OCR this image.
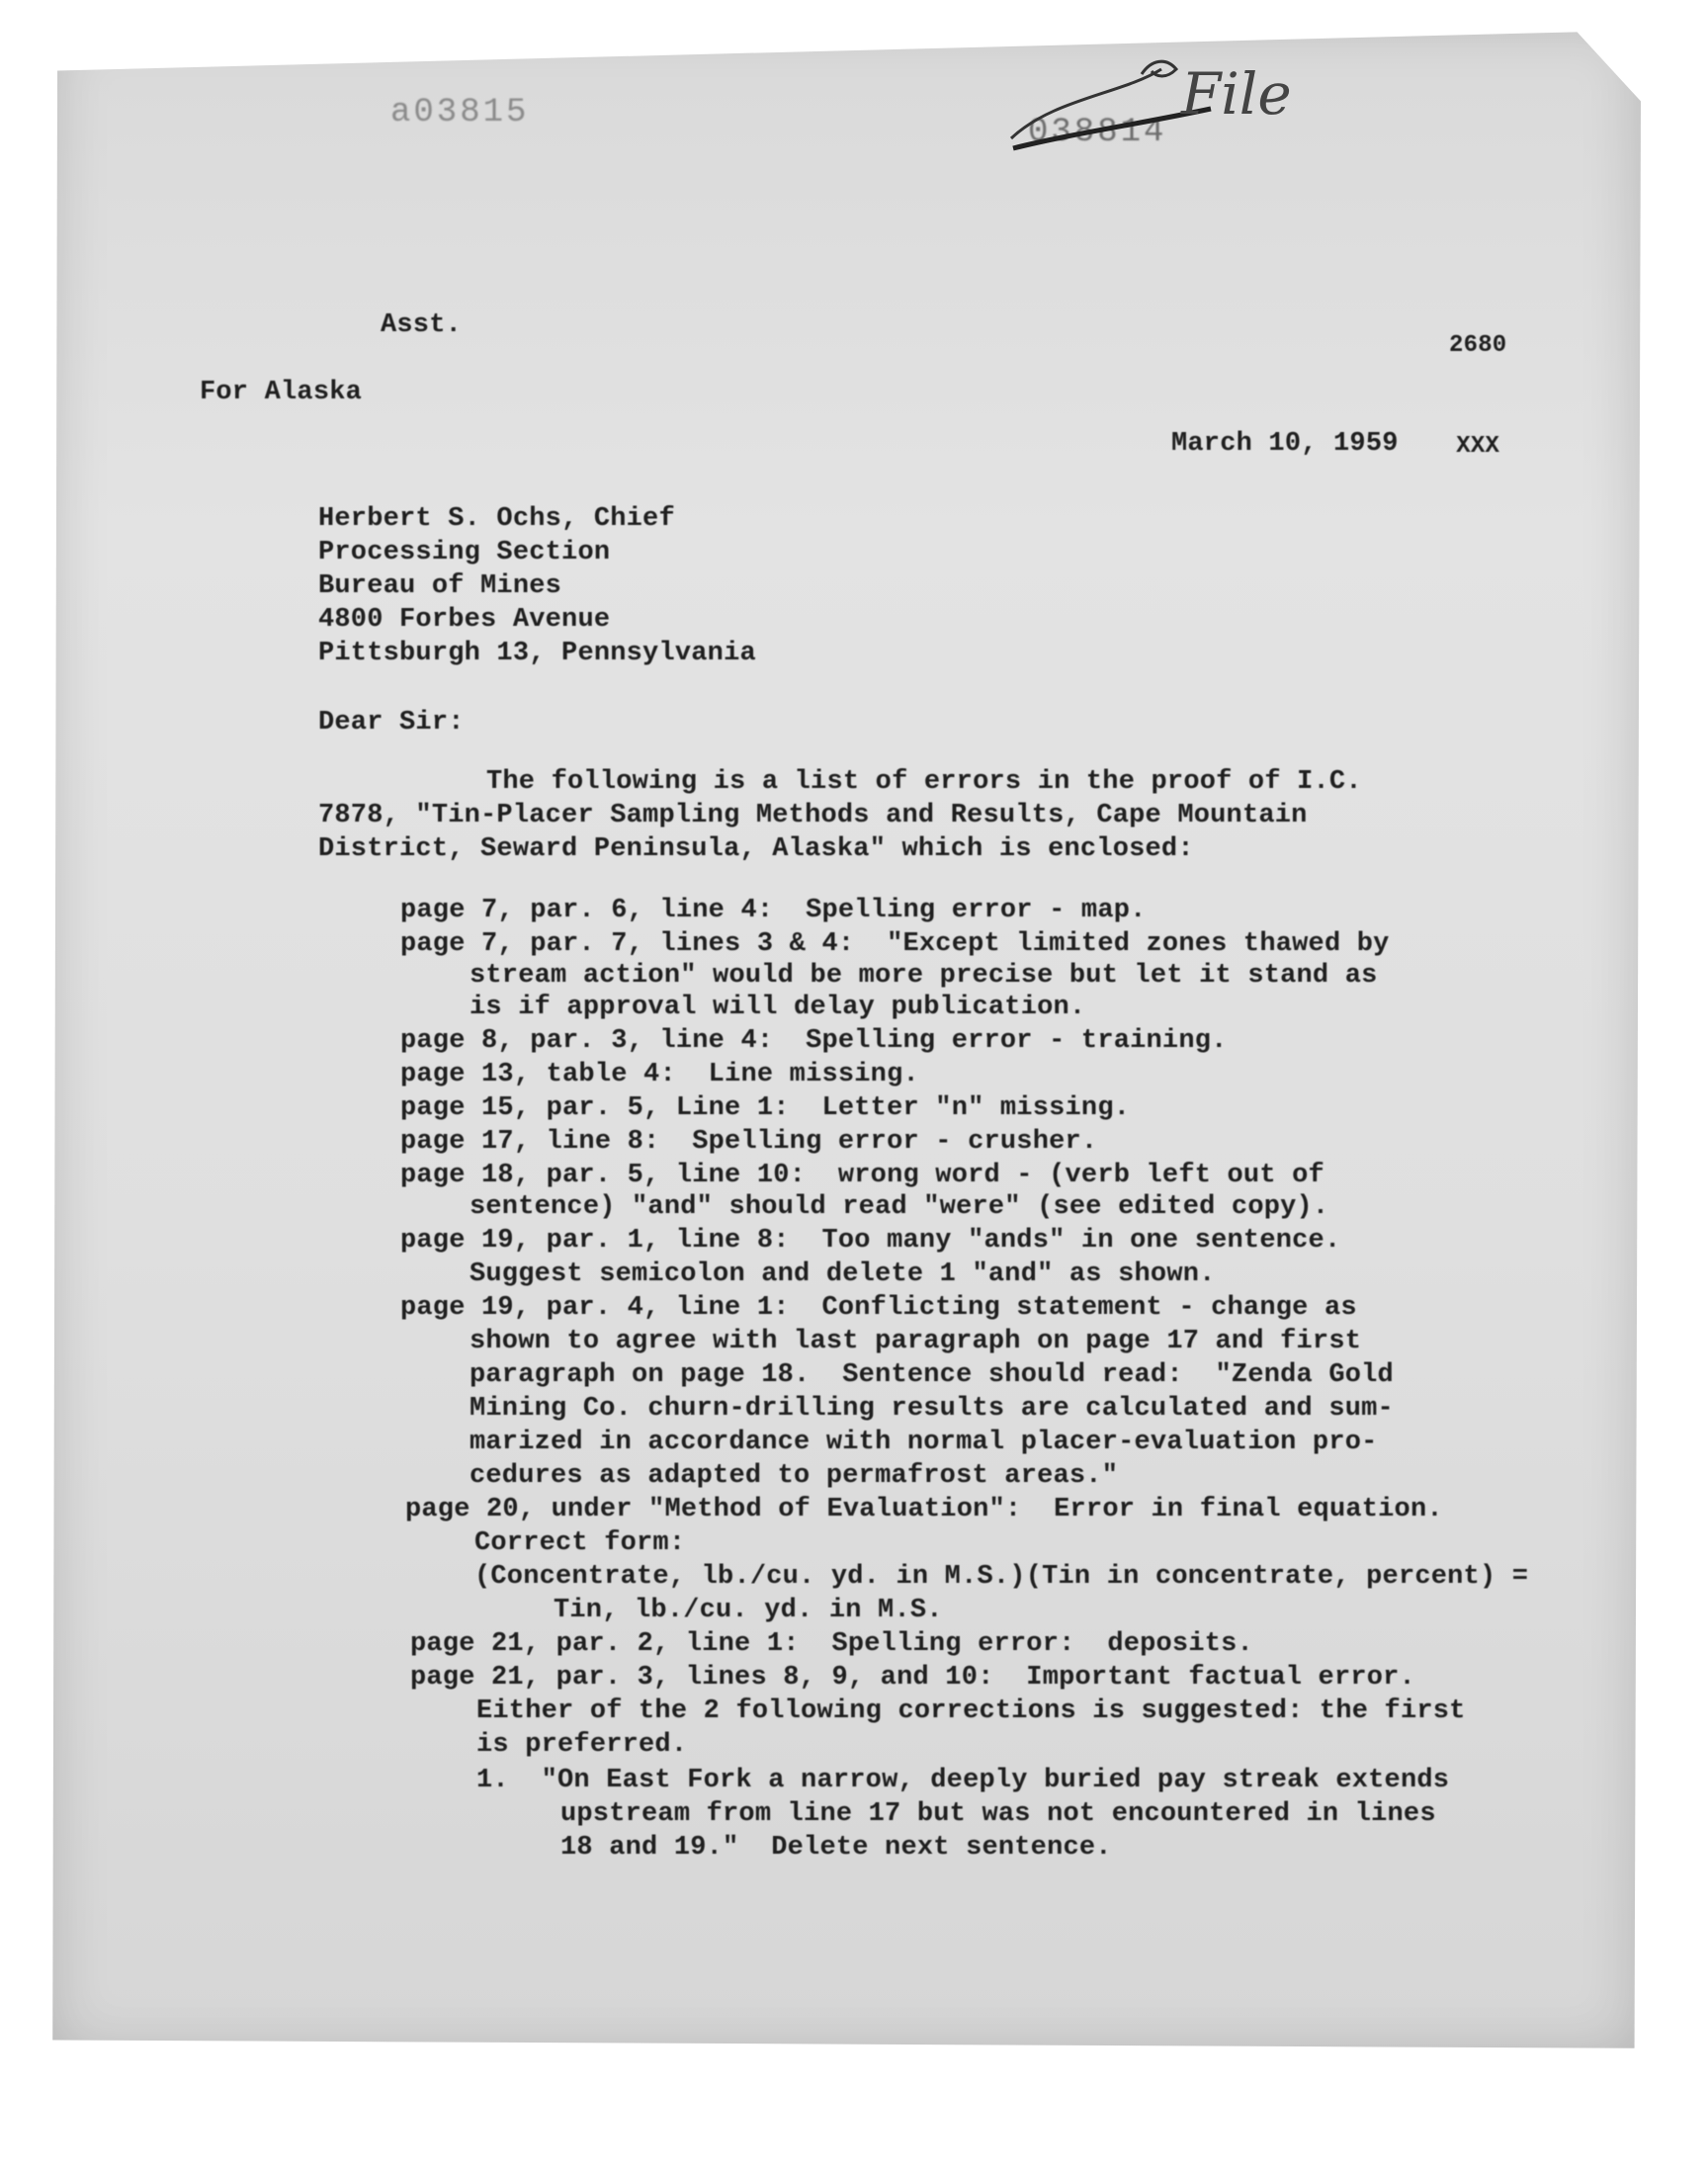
a03815
038814
File

2680

XXX

Asst.
For Alaska
March 10, 1959
Herbert S. Ochs, Chief
Processing Section
Bureau of Mines
4800 Forbes Avenue
Pittsburgh 13, Pennsylvania
Dear Sir:
The following is a list of errors in the proof of I.C.
7878, "Tin-Placer Sampling Methods and Results, Cape Mountain
District, Seward Peninsula, Alaska" which is enclosed:
page 7, par. 6, line 4:  Spelling error - map.
page 7, par. 7, lines 3 & 4:  "Except limited zones thawed by
stream action" would be more precise but let it stand as
is if approval will delay publication.
page 8, par. 3, line 4:  Spelling error - training.
page 13, table 4:  Line missing.
page 15, par. 5, Line 1:  Letter "n" missing.
page 17, line 8:  Spelling error - crusher.
page 18, par. 5, line 10:  wrong word - (verb left out of
sentence) "and" should read "were" (see edited copy).
page 19, par. 1, line 8:  Too many "ands" in one sentence.
Suggest semicolon and delete 1 "and" as shown.
page 19, par. 4, line 1:  Conflicting statement - change as
shown to agree with last paragraph on page 17 and first
paragraph on page 18.  Sentence should read:  "Zenda Gold
Mining Co. churn-drilling results are calculated and sum-
marized in accordance with normal placer-evaluation pro-
cedures as adapted to permafrost areas."
page 20, under "Method of Evaluation":  Error in final equation.
Correct form:
(Concentrate, lb./cu. yd. in M.S.)(Tin in concentrate, percent) =
Tin, lb./cu. yd. in M.S.
page 21, par. 2, line 1:  Spelling error:  deposits.
page 21, par. 3, lines 8, 9, and 10:  Important factual error.
Either of the 2 following corrections is suggested: the first
is preferred.
1.  "On East Fork a narrow, deeply buried pay streak extends
upstream from line 17 but was not encountered in lines
18 and 19."  Delete next sentence.
